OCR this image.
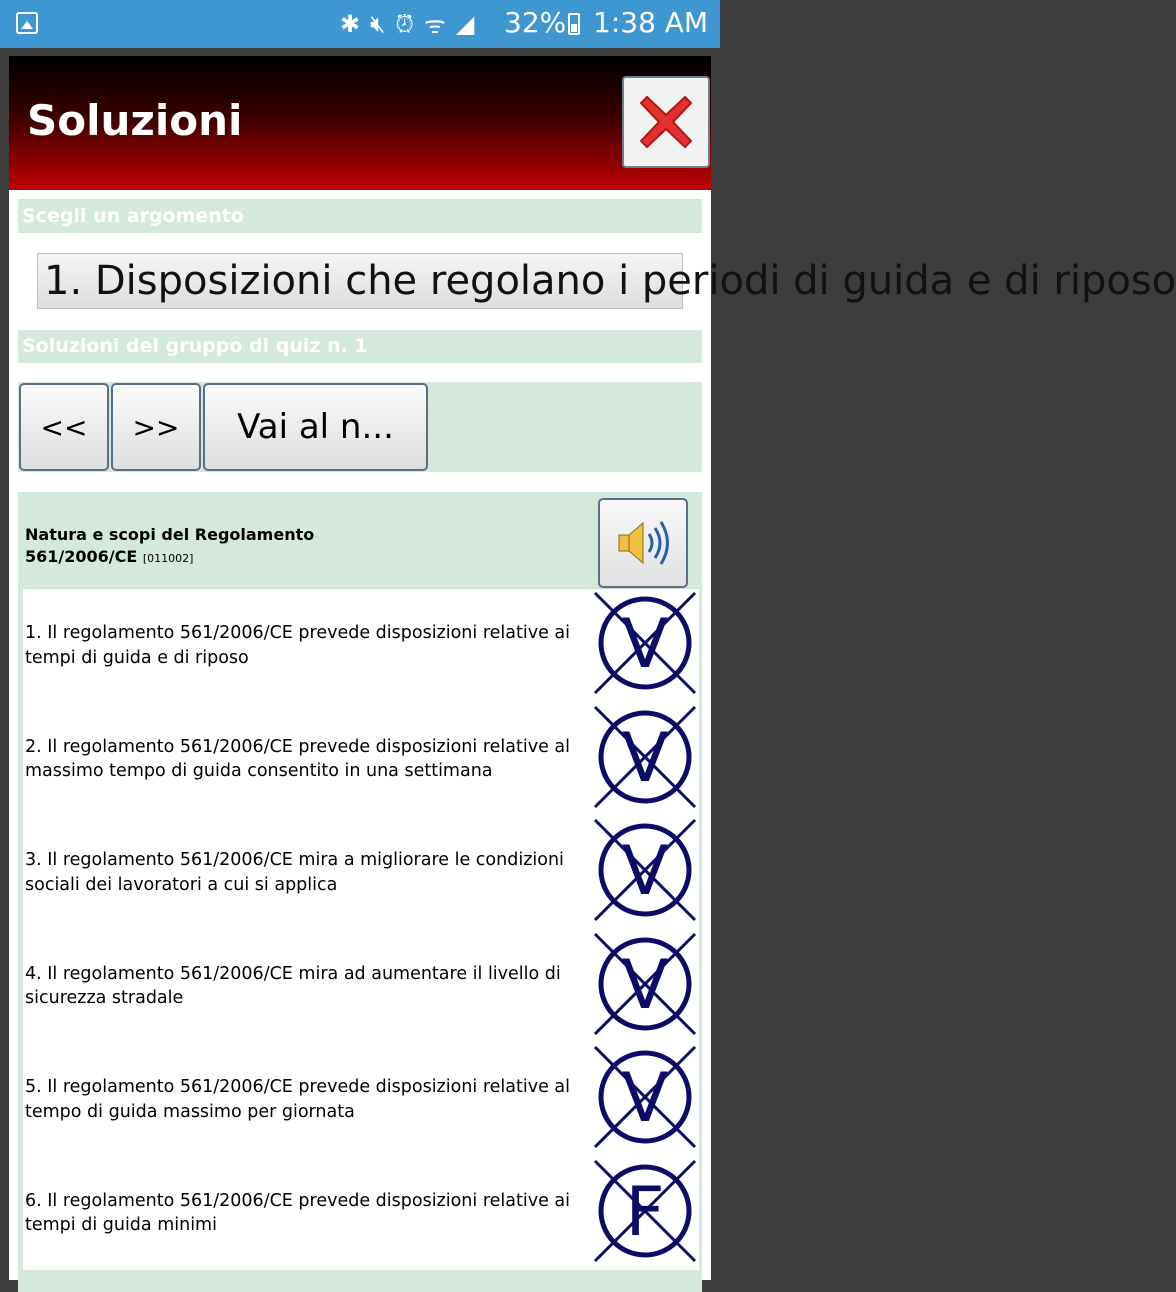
✱ 🔇︎ ⏰︎ ᯤ ◢ 32% 1:38 AM
Soluzioni
Scegli un argomento
1. Disposizioni che regolano i periodi di guida e di riposo
Soluzioni del gruppo di quiz n. 1
<<	>>	Vai al n...
Natura e scopi del Regolamento
561/2006/CE [011002]
1. Il regolamento 561/2006/CE prevede disposizioni relative ai tempi di guida e di riposo	V
2. Il regolamento 561/2006/CE prevede disposizioni relative al massimo tempo di guida consentito in una settimana	V
3. Il regolamento 561/2006/CE mira a migliorare le condizioni sociali dei lavoratori a cui si applica	V
4. Il regolamento 561/2006/CE mira ad aumentare il livello di sicurezza stradale	V
5. Il regolamento 561/2006/CE prevede disposizioni relative al tempo di guida massimo per giornata	V
6. Il regolamento 561/2006/CE prevede disposizioni relative ai tempi di guida minimi	F
